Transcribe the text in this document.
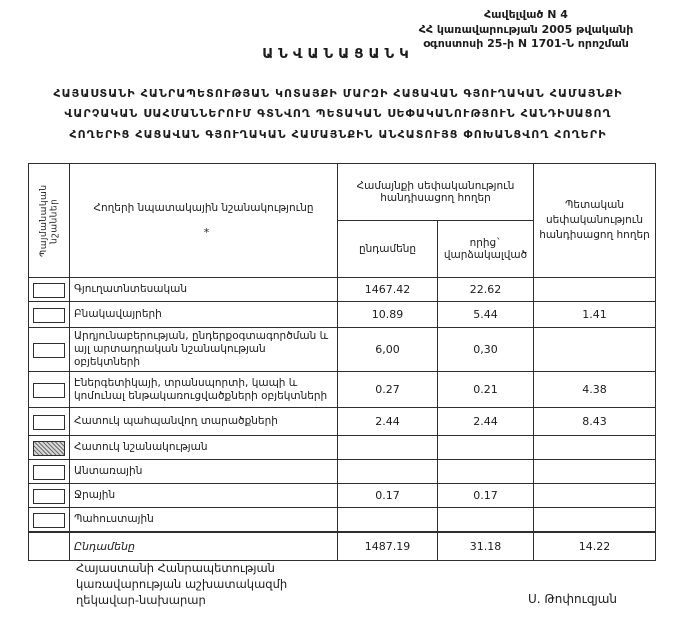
Հավելված N 4
ՀՀ կառավարության 2005 թվականի
օգոստոսի 25-ի N 1701-Ն որոշման
ԱՆՎԱՆԱՑԱՆԿ
ՀԱՅԱՍՏԱՆԻ ՀԱՆՐԱՊԵՏՈՒԹՅԱՆ ԿՈՏԱՅՔԻ ՄԱՐԶԻ ՀԱՑԱՎԱՆ ԳՅՈՒՂԱԿԱՆ ՀԱՄԱՅՆՔԻ
ՎԱՐՉԱԿԱՆ ՍԱՀՄԱՆՆԵՐՈՒՄ ԳՏՆՎՈՂ ՊԵՏԱԿԱՆ ՍԵՓԱԿԱՆՈՒԹՅՈՒՆ ՀԱՆԴԻՍԱՑՈՂ
ՀՈՂԵՐԻՑ ՀԱՑԱՎԱՆ ԳՅՈՒՂԱԿԱՆ ՀԱՄԱՅՆՔԻՆ ԱՆՀԱՏՈՒՅՑ ՓՈԽԱՆՑՎՈՂ ՀՈՂԵՐԻ
Պայմանական նշաններ	Հողերի նպատակային նշանակությունը
*	Համայնքի սեփականություն հանդիսացող հողեր		Պետական սեփականություն հանդիսացող հողեր
		ընդամենը	որից` վարձակալված	
	Գյուղատնտեսական	1467.42	22.62	
	Բնակավայրերի	10.89	5.44	1.41
	Արդյունաբերության, ընդերքօգտագործման և այլ արտադրական նշանակության օբյեկտների	6,00	0,30	
	Էներգետիկայի, տրանսպորտի, կապի և կոմունալ ենթակառուցվածքների օբյեկտների	0.27	0.21	4.38
	Հատուկ պահպանվող տարածքների	2.44	2.44	8.43
	Հատուկ նշանակության			
	Անտառային			
	Ջրային	0.17	0.17	
	Պահուստային			
	Ընդամենը	1487.19	31.18	14.22
Հայաստանի Հանրապետության
կառավարության աշխատակազմի
ղեկավար-նախարար	Ս. Թոփուզյան
